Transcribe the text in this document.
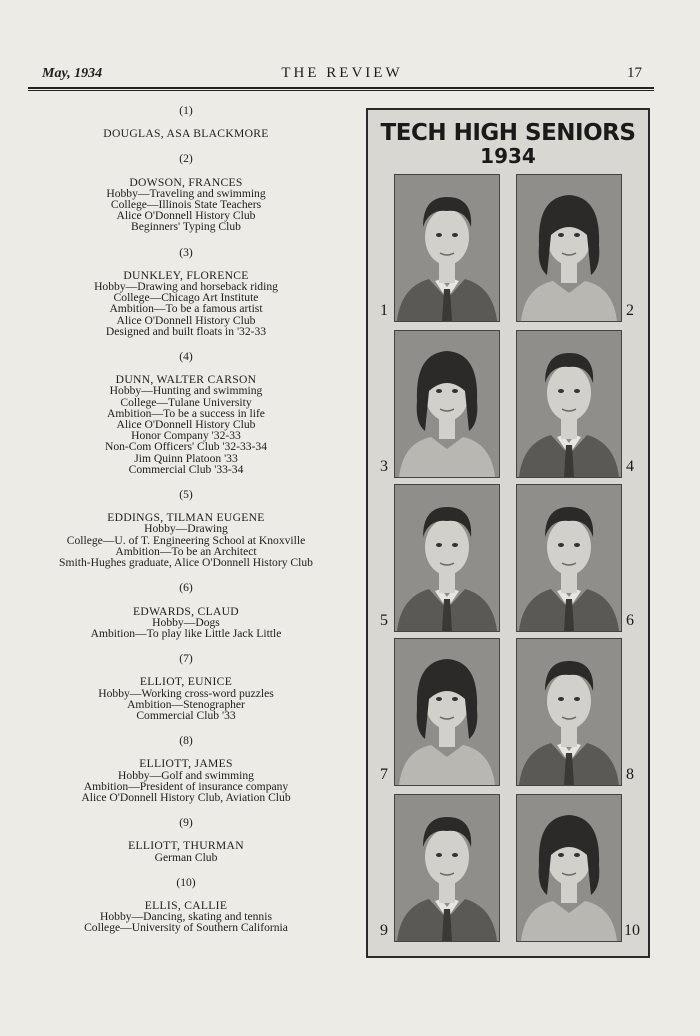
May, 1934	THE REVIEW	17
(1)
DOUGLAS, ASA BLACKMORE
(2)
DOWSON, FRANCES
Hobby—Traveling and swimming
College—Illinois State Teachers
Alice O'Donnell History Club
Beginners' Typing Club
(3)
DUNKLEY, FLORENCE
Hobby—Drawing and horseback riding
College—Chicago Art Institute
Ambition—To be a famous artist
Alice O'Donnell History Club
Designed and built floats in '32-33
(4)
DUNN, WALTER CARSON
Hobby—Hunting and swimming
College—Tulane University
Ambition—To be a success in life
Alice O'Donnell History Club
Honor Company '32-33
Non-Com Officers' Club '32-33-34
Jim Quinn Platoon '33
Commercial Club '33-34
(5)
EDDINGS, TILMAN EUGENE
Hobby—Drawing
College—U. of T. Engineering School at Knoxville
Ambition—To be an Architect
Smith-Hughes graduate, Alice O'Donnell History Club
(6)
EDWARDS, CLAUD
Hobby—Dogs
Ambition—To play like Little Jack Little
(7)
ELLIOT, EUNICE
Hobby—Working cross-word puzzles
Ambition—Stenographer
Commercial Club '33
(8)
ELLIOTT, JAMES
Hobby—Golf and swimming
Ambition—President of insurance company
Alice O'Donnell History Club, Aviation Club
(9)
ELLIOTT, THURMAN
German Club
(10)
ELLIS, CALLIE
Hobby—Dancing, skating and tennis
College—University of Southern California
TECH HIGH SENIORS
1934
1	2
3	4
5	6
7	8
9	10
